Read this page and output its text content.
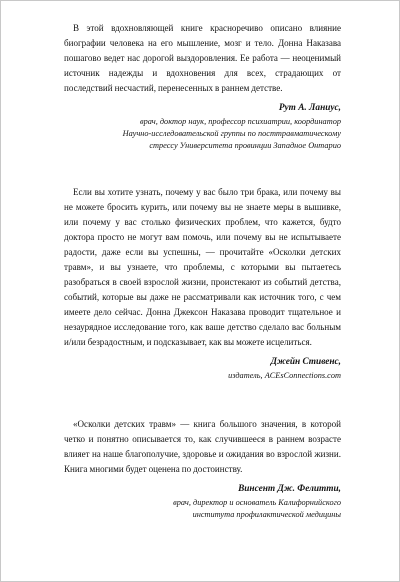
В этой вдохновляющей книге красноречиво описано влияние биографии человека на его мышление, мозг и тело. Донна Наказава пошагово ведет нас дорогой выздоровления. Ее работа — неоценимый источник надежды и вдохновения для всех, страдающих от последствий несчастий, перенесенных в раннем детстве.

Рут А. Ланиус,
врач, доктор наук, профессор психиатрии, координатор
Научно-исследовательской группы по посттравматическому
стрессу Университета провинции Западное Онтарио

Если вы хотите узнать, почему у вас было три брака, или почему вы не можете бросить курить, или почему вы не знаете меры в вышивке, или почему у вас столько физических проблем, что кажется, будто доктора просто не могут вам помочь, или почему вы не испытываете радости, даже если вы успешны, — прочитайте «Осколки детских травм», и вы узнаете, что проблемы, с которыми вы пытаетесь разобраться в своей взрослой жизни, проистекают из событий детства, событий, которые вы даже не рассматривали как источник того, с чем имеете дело сейчас. Донна Джексон Наказава проводит тщательное и незаурядное исследование того, как ваше детство сделало вас больным и/или безрадостным, и подсказывает, как вы можете исцелиться.

Джейн Стивенс,
издатель, ACEsConnections.com

«Осколки детских травм» — книга большого значения, в которой четко и понятно описывается то, как случившееся в раннем возрасте влияет на наше благополучие, здоровье и ожидания во взрослой жизни. Книга многими будет оценена по достоинству.

Винсент Дж. Фелитти,
врач, директор и основатель Калифорнийского
института профилактической медицины
